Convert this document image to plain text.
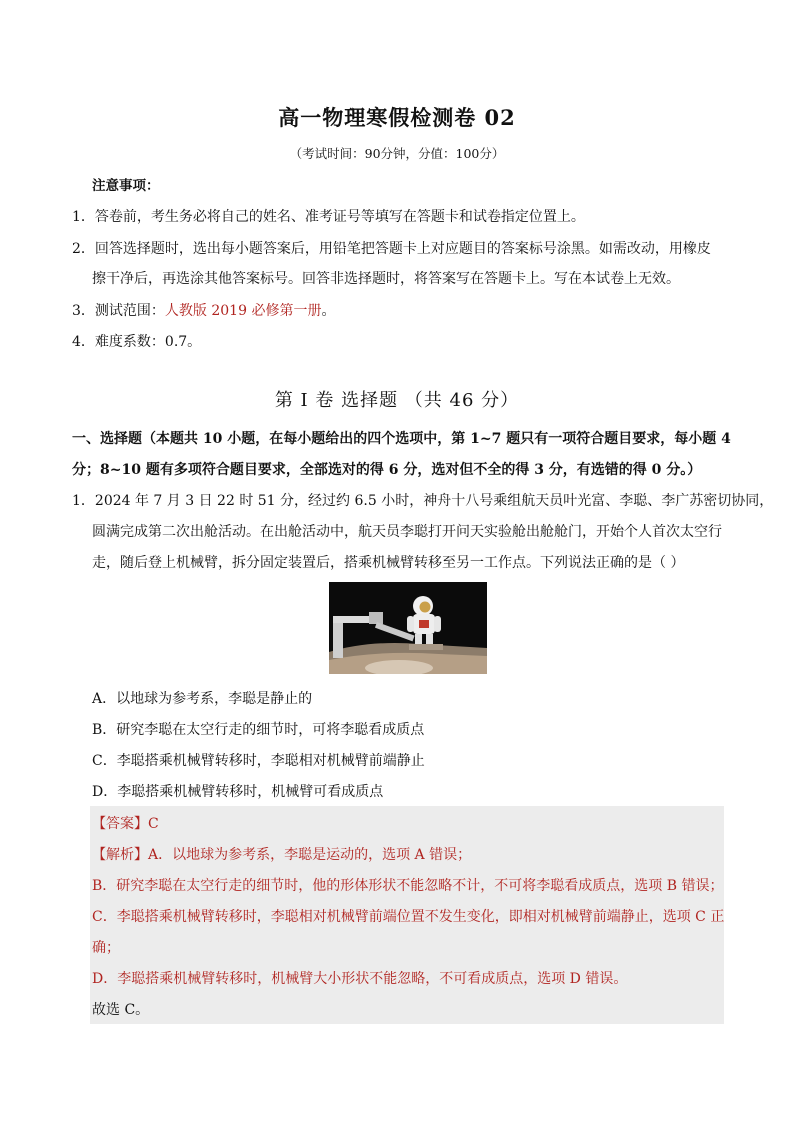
高一物理寒假检测卷 02
（考试时间：90分钟，分值：100分）
注意事项：
1．答卷前，考生务必将自己的姓名、准考证号等填写在答题卡和试卷指定位置上。
2．回答选择题时，选出每小题答案后，用铅笔把答题卡上对应题目的答案标号涂黑。如需改动，用橡皮
擦干净后，再选涂其他答案标号。回答非选择题时，将答案写在答题卡上。写在本试卷上无效。
3．测试范围：人教版 2019 必修第一册。
4．难度系数：0.7。
第 I 卷 选择题 （共 46 分）
一、选择题（本题共 10 小题，在每小题给出的四个选项中，第 1~7 题只有一项符合题目要求，每小题 4
分；8~10 题有多项符合题目要求，全部选对的得 6 分，选对但不全的得 3 分，有选错的得 0 分。）
1．2024 年 7 月 3 日 22 时 51 分，经过约 6.5 小时，神舟十八号乘组航天员叶光富、李聪、李广苏密切协同，
圆满完成第二次出舱活动。在出舱活动中，航天员李聪打开问天实验舱出舱舱门，开始个人首次太空行
走，随后登上机械臂，拆分固定装置后，搭乘机械臂转移至另一工作点。下列说法正确的是（ ）
A．以地球为参考系，李聪是静止的
B．研究李聪在太空行走的细节时，可将李聪看成质点
C．李聪搭乘机械臂转移时，李聪相对机械臂前端静止
D．李聪搭乘机械臂转移时，机械臂可看成质点
【答案】C
【解析】A．以地球为参考系，李聪是运动的，选项 A 错误；
B．研究李聪在太空行走的细节时，他的形体形状不能忽略不计，不可将李聪看成质点，选项 B 错误；
C．李聪搭乘机械臂转移时，李聪相对机械臂前端位置不发生变化，即相对机械臂前端静止，选项 C 正
确；
D．李聪搭乘机械臂转移时，机械臂大小形状不能忽略，不可看成质点，选项 D 错误。
故选 C。
